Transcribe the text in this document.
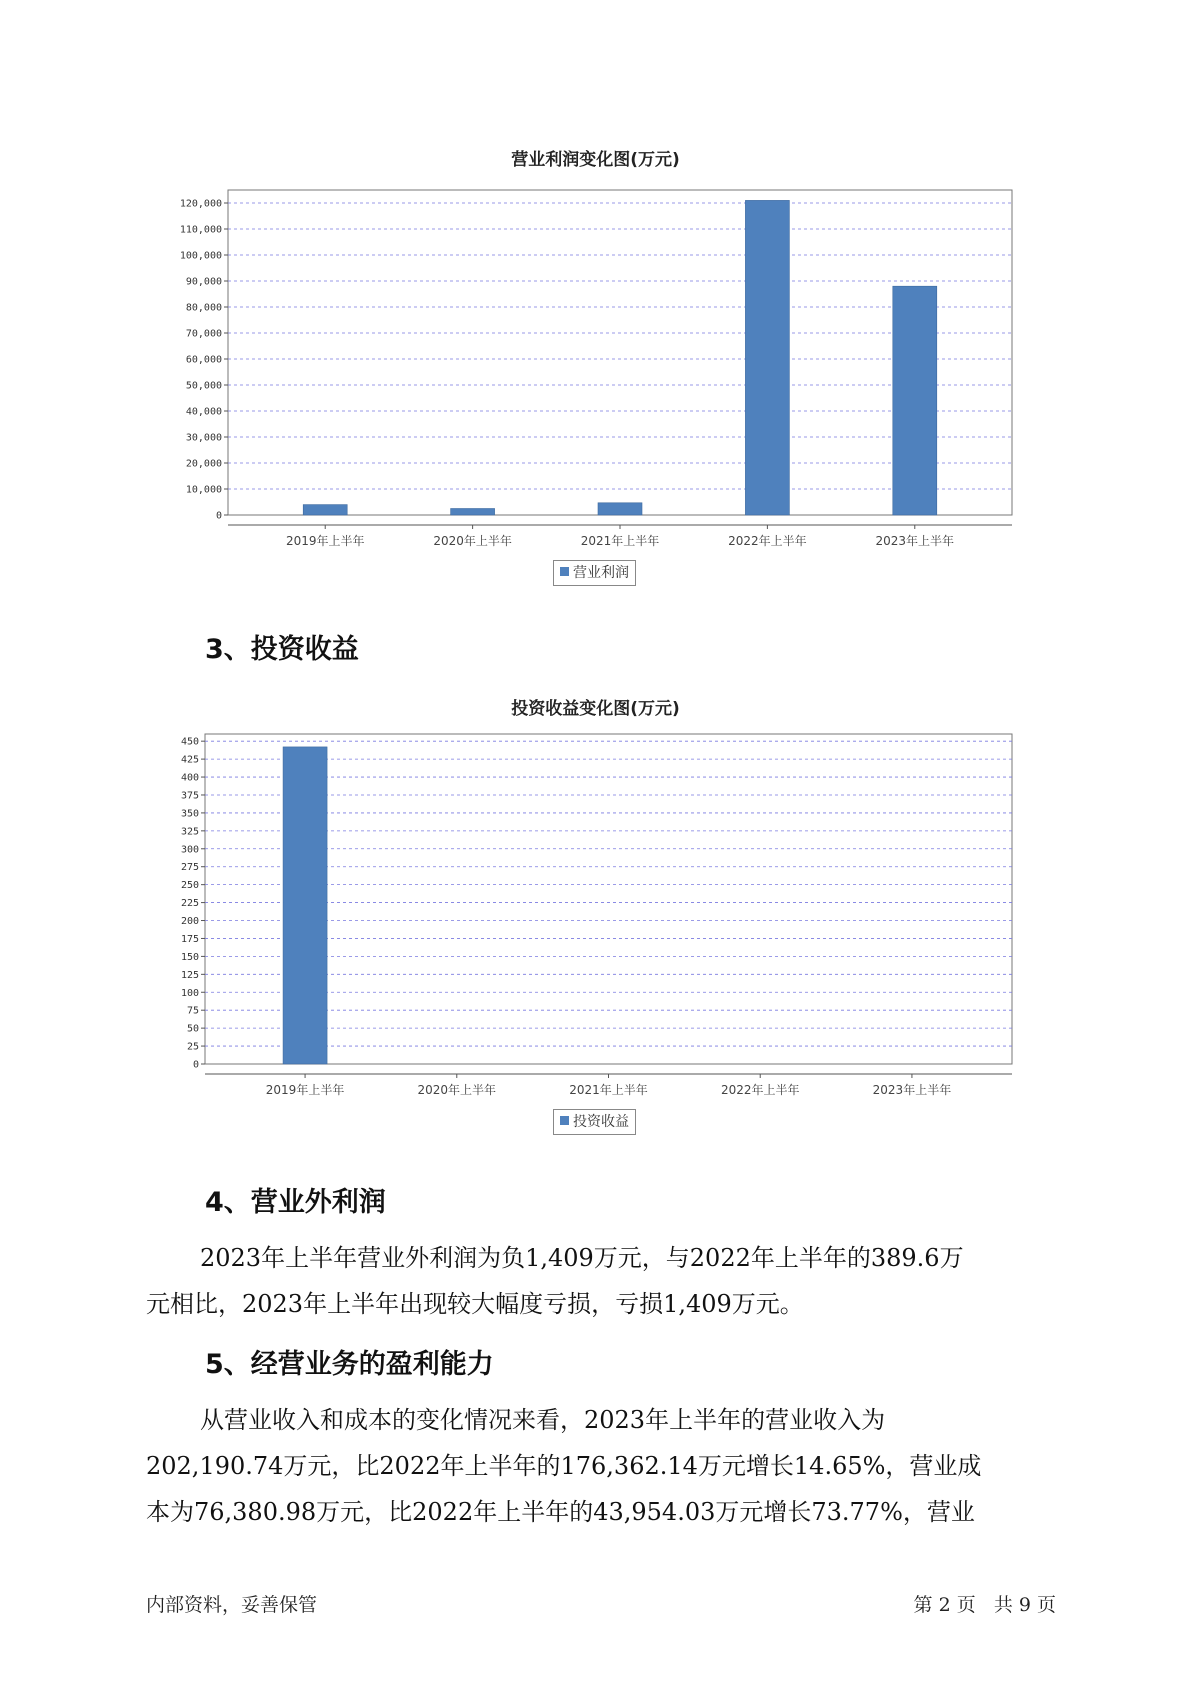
营业利润变化图(万元)
0
10,000
20,000
30,000
40,000
50,000
60,000
70,000
80,000
90,000
100,000
110,000
120,000
2019年上半年	2020年上半年	2021年上半年	2022年上半年	2023年上半年
营业利润
3、投资收益
投资收益变化图(万元)
0
25
50
75
100
125
150
175
200
225
250
275
300
325
350
375
400
425
450
2019年上半年	2020年上半年	2021年上半年	2022年上半年	2023年上半年
投资收益
4、营业外利润
2023年上半年营业外利润为负1,409万元，与2022年上半年的389.6万
元相比，2023年上半年出现较大幅度亏损，亏损1,409万元。
5、经营业务的盈利能力
从营业收入和成本的变化情况来看，2023年上半年的营业收入为
202,190.74万元，比2022年上半年的176,362.14万元增长14.65%，营业成
本为76,380.98万元，比2022年上半年的43,954.03万元增长73.77%，营业
内部资料，妥善保管	第 2 页   共 9 页
